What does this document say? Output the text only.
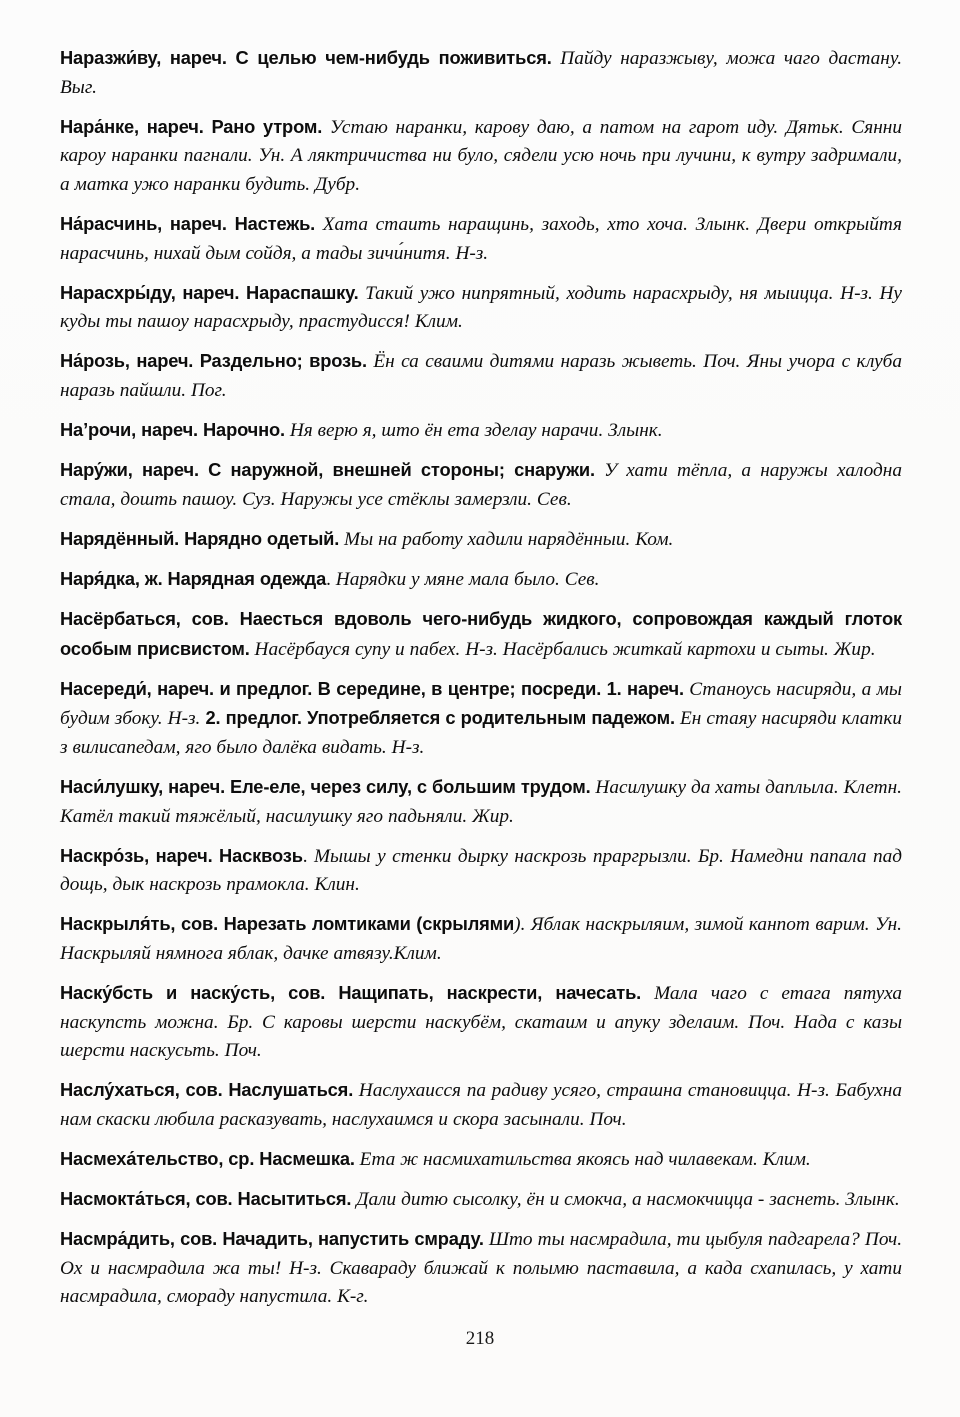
Наразжи́ву, нареч. С целью чем-нибудь поживиться. Пайду наразжыву, можа чаго дастану. Выг.

Нара́нке, нареч. Рано утром. Устаю наранки, карову даю, а патом на гарот иду. Дятьк. Сянни кароу наранки пагнали. Ун. А ляктричиства ни було, сядели усю ночь при лучини, к вутру задримали, а матка ужо наранки будить. Дубр.

На́расчинь, нареч. Настежь. Хата стаить наращинь, заходь, хто хоча. Злынк. Двери открыйтя нарасчинь, нихай дым сойдя, а тады зичи́нитя. Н-з.

Нарасхры́ду, нареч. Нараспашку. Такий ужо нипрятный, ходить нарасхрыду, ня мыицца. Н-з. Ну куды ты пашоу нарасхрыду, прастудисся! Клим.

На́розь, нареч. Раздельно; врозь. Ён са сваими дитями наразь жыветь. Поч. Яны учора с клуба наразь пайшли. Пог.

На’рочи, нареч. Нарочно. Ня верю я, што ён ета зделау нарачи. Злынк.

Нару́жи, нареч. С наружной, внешней стороны; снаружи. У хати тёпла, а наружы халодна стала, дошть пашоу. Суз. Наружы усе стёклы замерзли. Сев.

Нарядённый. Нарядно одетый. Мы на работу хадили нарядённыи. Ком.

Наря́дка, ж. Нарядная одежда. Нарядки у мяне мала было. Сев.

Насёрбаться, сов. Наесться вдоволь чего-нибудь жидкого, сопровождая каждый глоток особым присвистом. Насёрбауся супу и пабех. Н-з. Насёрбались житкай картохи и сыты. Жир.

Насереди́, нареч. и предлог. В середине, в центре; посреди. 1. нареч. Станоусь насиряди, а мы будим збоку. Н-з. 2. предлог. Употребляется с родительным падежом. Ен стаяу насиряди клатки з вилисапедам, яго было далёка видать. Н-з.

Наси́лушку, нареч. Еле-еле, через силу, с большим трудом. Насилушку да хаты даплыла. Клетн. Катёл такий тяжёлый, насилушку яго падьняли. Жир.

Наскро́зь, нареч. Насквозь. Мышы у стенки дырку наскрозь праргрызли. Бр. Намедни папала пад дощь, дык наскрозь прамокла. Клин.

Наскрыля́ть, сов. Нарезать ломтиками (скрылями). Яблак наскрыляим, зимой канпот варим. Ун. Наскрыляй нямнога яблак, дачке атвязу.Клим.

Наску́бсть и наску́сть, сов. Нащипать, наскрести, начесать. Мала чаго с етага пятуха наскупсть можна. Бр. С каровы шерсти наскубём, скатаим и апуку зделаим. Поч. Нада с казы шерсти наскусьть. Поч.

Наслу́хаться, сов. Наслушаться. Наслухаисся па радиву усяго, страшна становицца. Н-з. Бабухна нам скаски любила расказувать, наслухаимся и скора засынали. Поч.

Насмеха́тельство, ср. Насмешка. Ета ж насмихатильства якоясь над чилавекам. Клим.

Насмокта́ться, сов. Насытиться. Дали дитю сысолку, ён и смокча, а насмокчицца - заснеть. Злынк.

Насмра́дить, сов. Начадить, напустить смраду. Што ты насмрадила, ти цыбуля падгарела? Поч. Ох и насмрадила жа ты! Н-з. Скавараду ближай к полымю паставила, а када схапилась, у хати насмрадила, смораду напустила. К-г.

218
